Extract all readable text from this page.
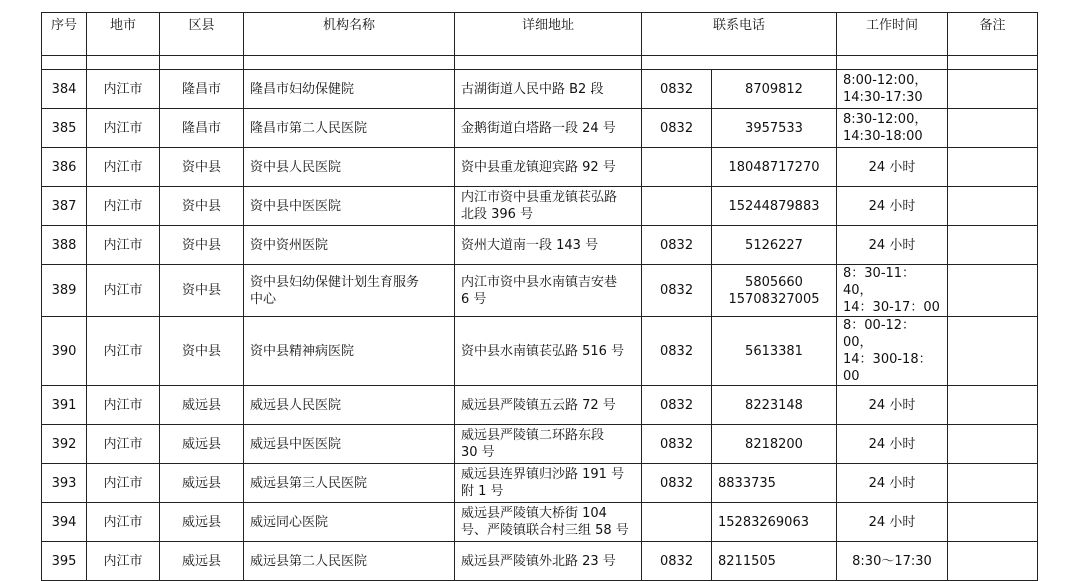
序号	地市	区县	机构名称	详细地址	联系电话		工作时间	备注

384	内江市	隆昌市	隆昌市妇幼保健院	古湖街道人民中路 B2 段	0832	8709812	8:00-12:00，
14:30-17:30	
385	内江市	隆昌市	隆昌市第二人民医院	金鹅街道白塔路一段 24 号	0832	3957533	8:30-12:00，
14:30-18:00	
386	内江市	资中县	资中县人民医院	资中县重龙镇迎宾路 92 号		18048717270	24 小时	
387	内江市	资中县	资中县中医医院	内江市资中县重龙镇苌弘路
北段 396 号		15244879883	24 小时	
388	内江市	资中县	资中资州医院	资州大道南一段 143 号	0832	5126227	24 小时	
389	内江市	资中县	资中县妇幼保健计划生育服务
中心	内江市资中县水南镇吉安巷
6 号	0832	5805660
15708327005	8：30-11：40，
14：30-17：00	
390	内江市	资中县	资中县精神病医院	资中县水南镇苌弘路 516 号	0832	5613381	8：00-12：00，
14：300-18：00	
391	内江市	威远县	威远县人民医院	威远县严陵镇五云路 72 号	0832	8223148	24 小时	
392	内江市	威远县	威远县中医医院	威远县严陵镇二环路东段
30 号	0832	8218200	24 小时	
393	内江市	威远县	威远县第三人民医院	威远县连界镇归沙路 191 号
附 1 号	0832	8833735	24 小时	
394	内江市	威远县	威远同心医院	威远县严陵镇大桥街 104
号、严陵镇联合村三组 58 号		15283269063	24 小时	
395	内江市	威远县	威远县第二人民医院	威远县严陵镇外北路 23 号	0832	8211505	8:30～17:30	
